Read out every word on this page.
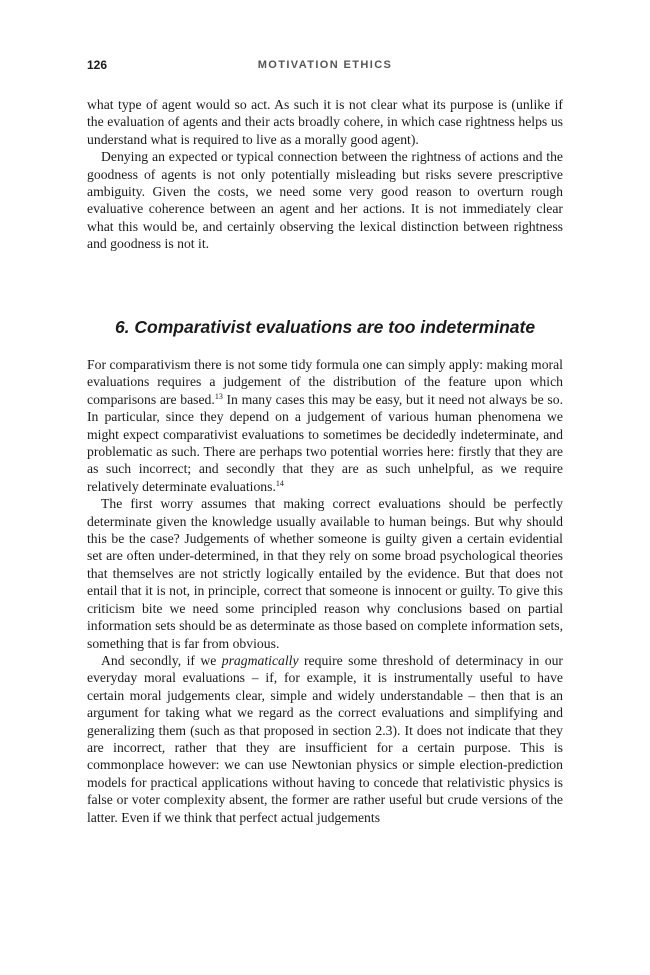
126	MOTIVATION ETHICS

what type of agent would so act. As such it is not clear what its purpose is (unlike if the evaluation of agents and their acts broadly cohere, in which case rightness helps us understand what is required to live as a morally good agent).

Denying an expected or typical connection between the rightness of actions and the goodness of agents is not only potentially misleading but risks severe prescriptive ambiguity. Given the costs, we need some very good reason to overturn rough evaluative coherence between an agent and her actions. It is not immediately clear what this would be, and certainly observing the lexical distinction between rightness and goodness is not it.

6. Comparativist evaluations are too indeterminate

For comparativism there is not some tidy formula one can simply apply: making moral evaluations requires a judgement of the distribution of the feature upon which comparisons are based.$^{13}$ In many cases this may be easy, but it need not always be so. In particular, since they depend on a judgement of various human phenomena we might expect comparativist evaluations to sometimes be decidedly indeterminate, and problematic as such. There are perhaps two potential worries here: firstly that they are as such incorrect; and secondly that they are as such unhelpful, as we require relatively determinate evaluations.$^{14}$

The first worry assumes that making correct evaluations should be perfectly determinate given the knowledge usually available to human beings. But why should this be the case? Judgements of whether someone is guilty given a certain evidential set are often under-determined, in that they rely on some broad psychological theories that themselves are not strictly logically entailed by the evidence. But that does not entail that it is not, in principle, correct that someone is innocent or guilty. To give this criticism bite we need some principled reason why conclusions based on partial information sets should be as determinate as those based on complete information sets, something that is far from obvious.

And secondly, if we pragmatically require some threshold of determinacy in our everyday moral evaluations – if, for example, it is instrumentally useful to have certain moral judgements clear, simple and widely understandable – then that is an argument for taking what we regard as the correct evaluations and simplifying and generalizing them (such as that proposed in section 2.3). It does not indicate that they are incorrect, rather that they are insufficient for a certain purpose. This is commonplace however: we can use Newtonian physics or simple election-prediction models for practical applications without having to concede that relativistic physics is false or voter complexity absent, the former are rather useful but crude versions of the latter. Even if we think that perfect actual judgements
